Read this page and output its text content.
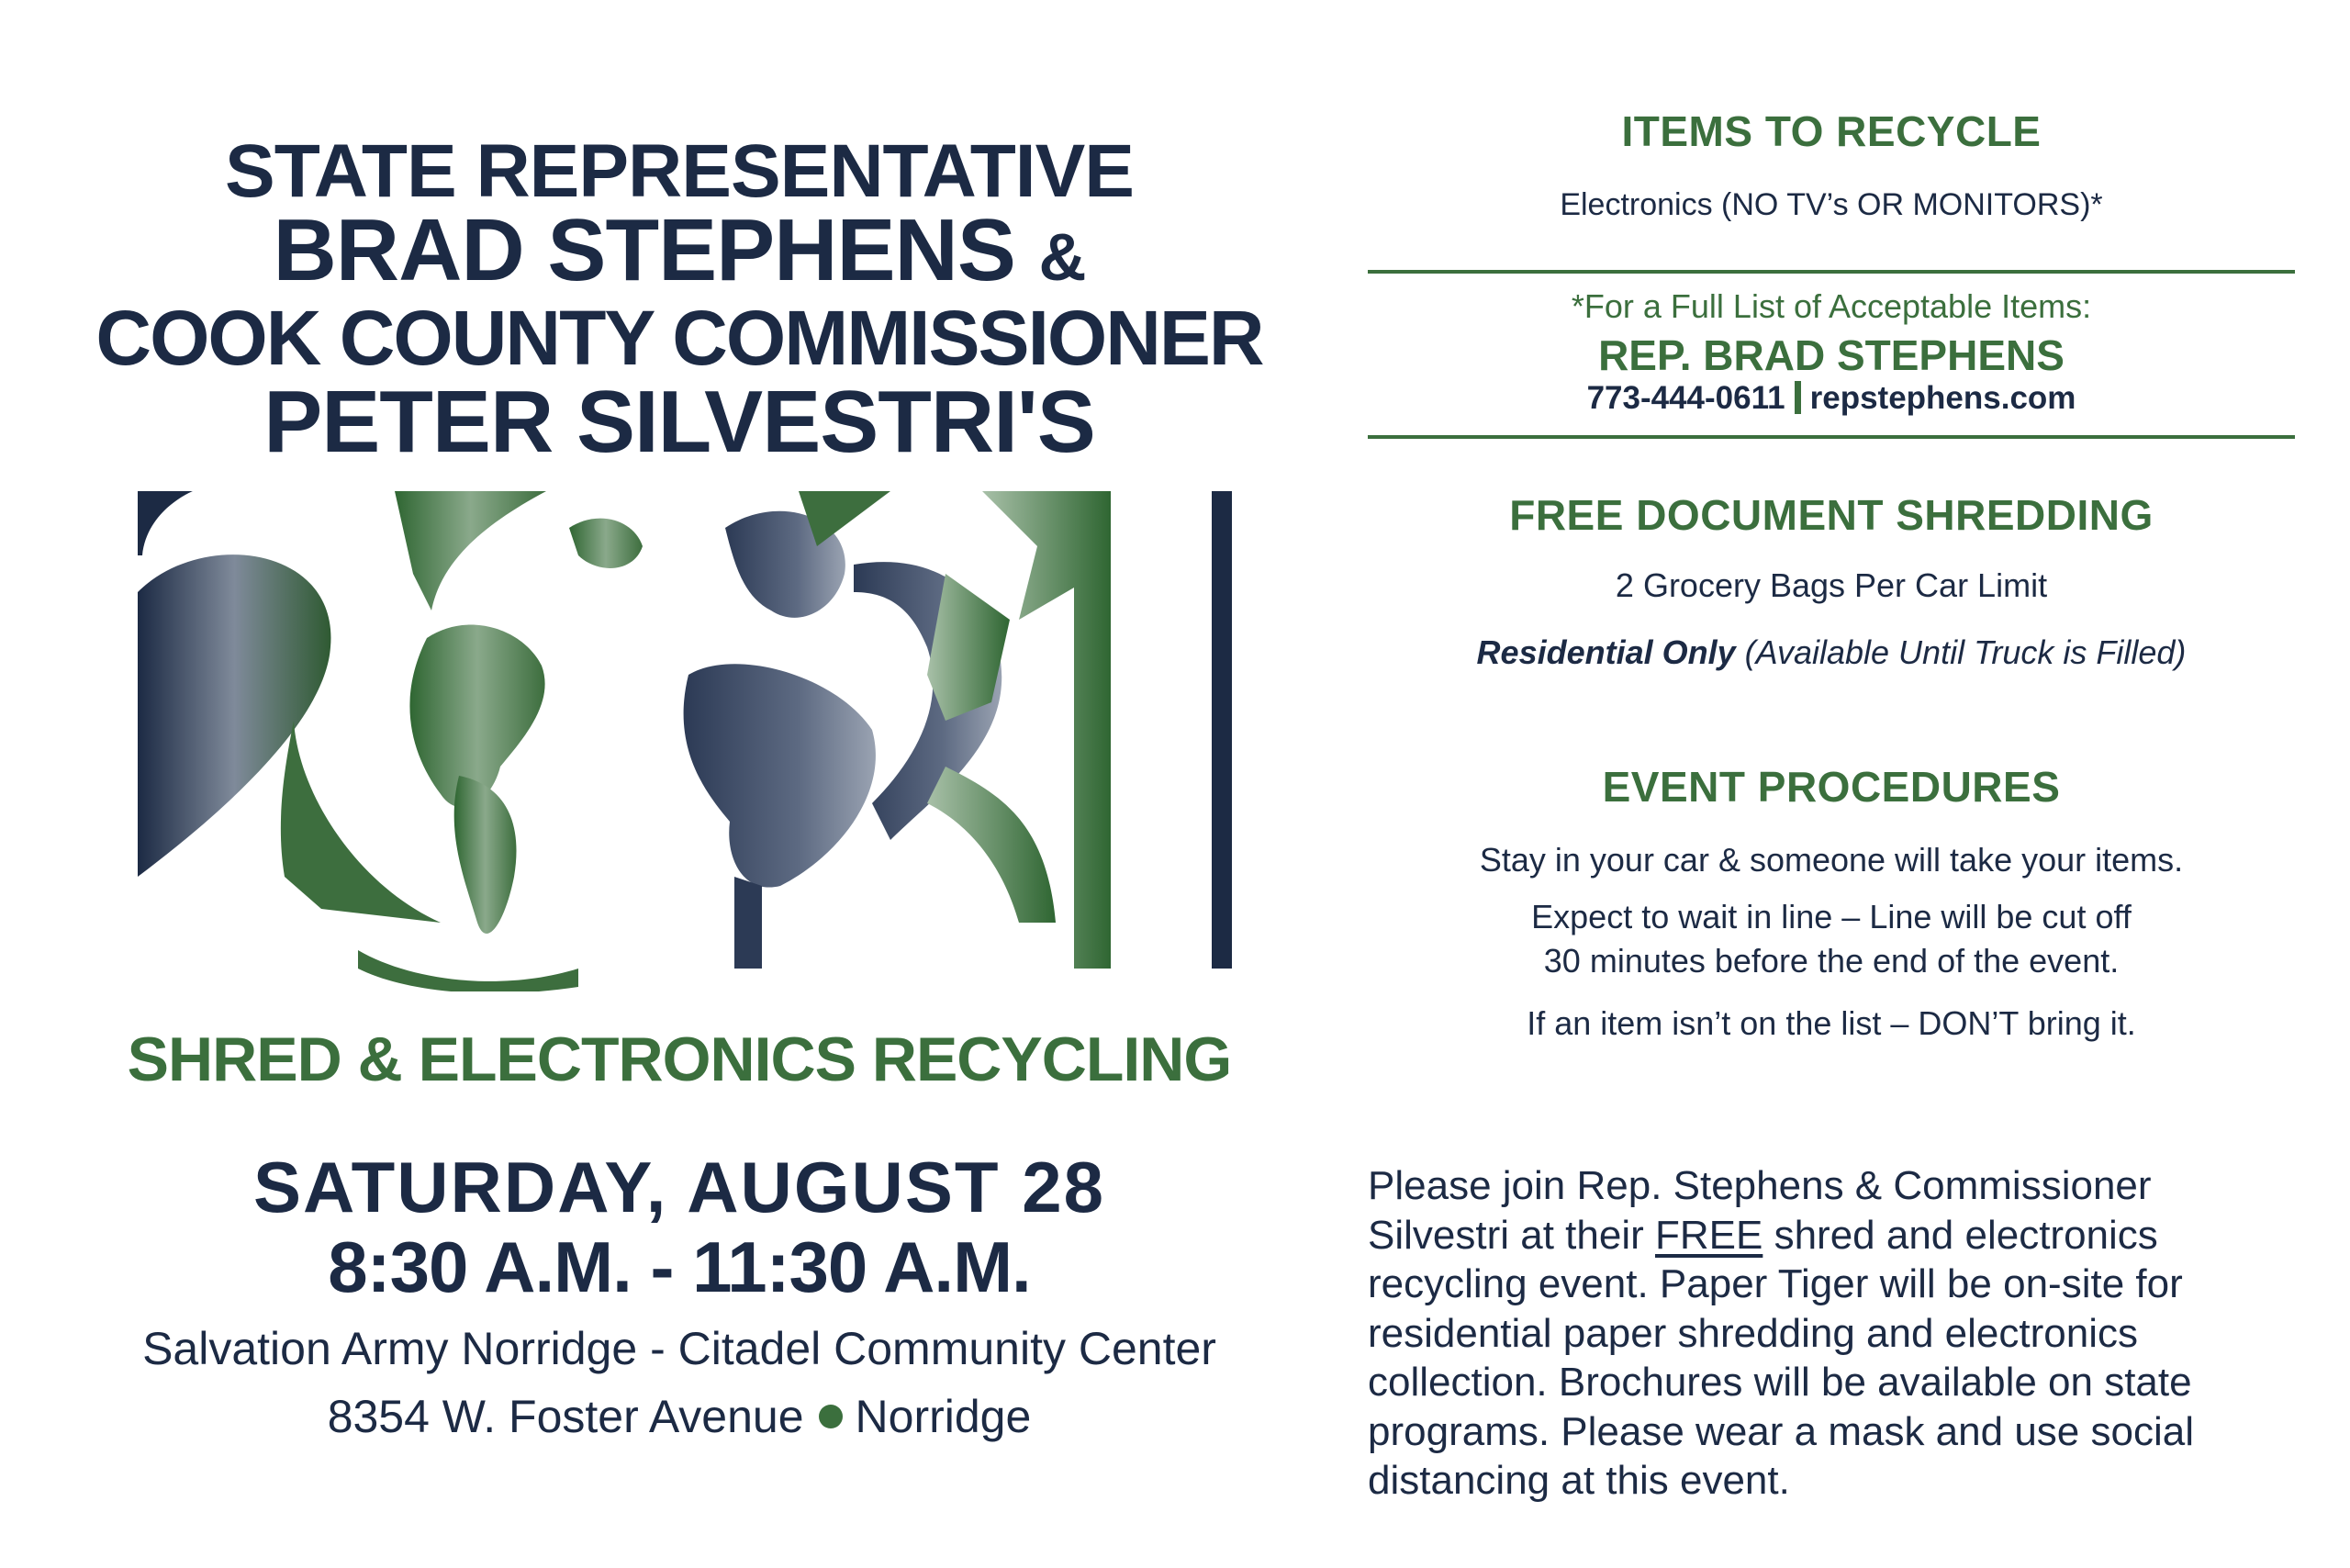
STATE REPRESENTATIVE
BRAD STEPHENS &
COOK COUNTY COMMISSIONER
PETER SILVESTRI'S
SHRED & ELECTRONICS RECYCLING
SATURDAY, AUGUST 28
8:30 A.M. - 11:30 A.M.
Salvation Army Norridge - Citadel Community Center
8354 W. Foster Avenue Norridge
ITEMS TO RECYCLE
Electronics (NO TV’s OR MONITORS)*
*For a Full List of Acceptable Items:
REP. BRAD STEPHENS
773-444-0611 repstephens.com
FREE DOCUMENT SHREDDING
2 Grocery Bags Per Car Limit
Residential Only (Available Until Truck is Filled)
EVENT PROCEDURES
Stay in your car & someone will take your items.
Expect to wait in line – Line will be cut off
30 minutes before the end of the event.
If an item isn’t on the list – DON’T bring it.
Please join Rep. Stephens & Commissioner Silvestri at their FREE shred and electronics recycling event. Paper Tiger will be on-site for residential paper shredding and electronics collection. Brochures will be available on state programs. Please wear a mask and use social distancing at this event.
